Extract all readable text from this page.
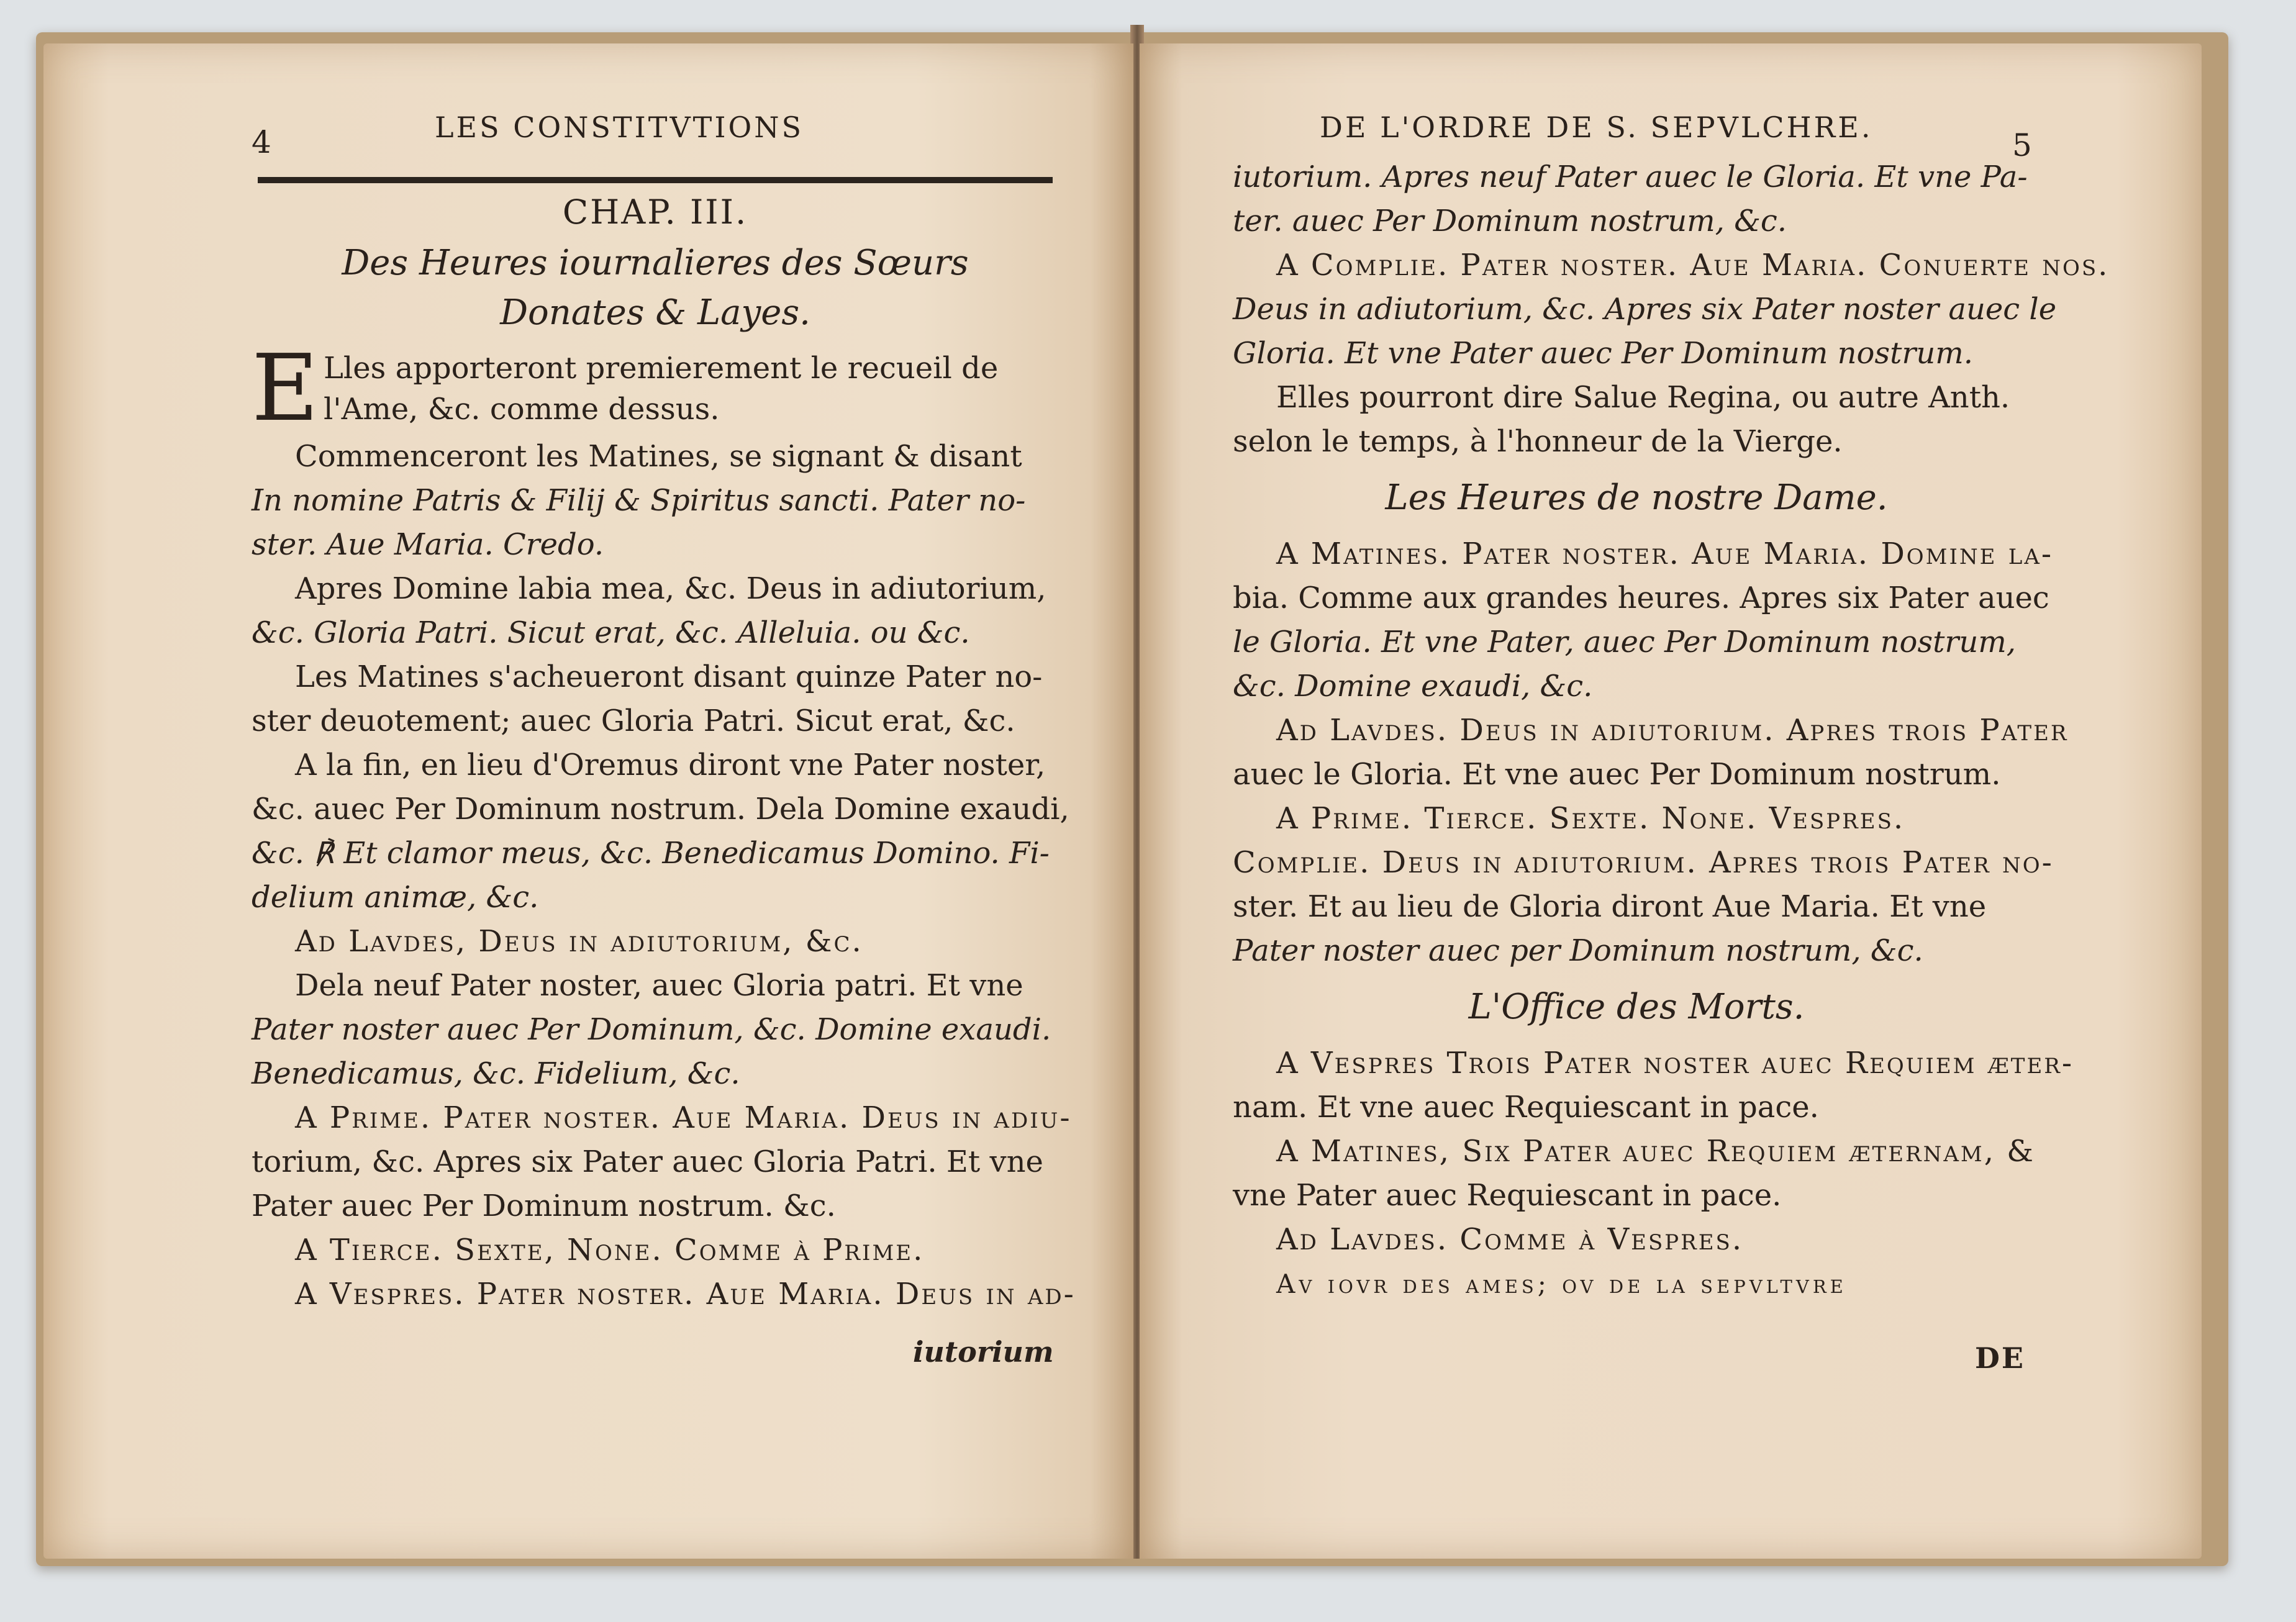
4	LES CONSTITVTIONS
CHAP. III.
Des Heures iournalieres des Sœurs
Donates & Layes.
E Lles apporteront premierement le recueil de
l'Ame, &c. comme dessus.
Commenceront les Matines, se signant & disant
In nomine Patris & Filij & Spiritus sancti. Pater no-
ster. Aue Maria. Credo.
Apres Domine labia mea, &c. Deus in adiutorium,
&c. Gloria Patri. Sicut erat, &c. Alleluia. ou &c.
Les Matines s'acheueront disant quinze Pater no-
ster deuotement; auec Gloria Patri. Sicut erat, &c.
A la fin, en lieu d'Oremus diront vne Pater noster,
&c. auec Per Dominum nostrum. Dela Domine exaudi,
&c. ℟ Et clamor meus, &c. Benedicamus Domino. Fi-
delium animæ, &c.
Ad Lavdes, Deus in adiutorium, &c.
Dela neuf Pater noster, auec Gloria patri. Et vne
Pater noster auec Per Dominum, &c. Domine exaudi.
Benedicamus, &c. Fidelium, &c.
A Prime. Pater noster. Aue Maria. Deus in adiu-
torium, &c. Apres six Pater auec Gloria Patri. Et vne
Pater auec Per Dominum nostrum. &c.
A Tierce. Sexte, None. Comme à Prime.
A Vespres. Pater noster. Aue Maria. Deus in ad-
iutorium
DE L'ORDRE DE S. SEPVLCHRE.	5
iutorium. Apres neuf Pater auec le Gloria. Et vne Pa-
ter. auec Per Dominum nostrum, &c.
A Complie. Pater noster. Aue Maria. Conuerte nos.
Deus in adiutorium, &c. Apres six Pater noster auec le
Gloria. Et vne Pater auec Per Dominum nostrum.
Elles pourront dire Salue Regina, ou autre Anth.
selon le temps, à l'honneur de la Vierge.
Les Heures de nostre Dame.
A Matines. Pater noster. Aue Maria. Domine la-
bia. Comme aux grandes heures. Apres six Pater auec
le Gloria. Et vne Pater, auec Per Dominum nostrum,
&c. Domine exaudi, &c.
Ad Lavdes. Deus in adiutorium. Apres trois Pater
auec le Gloria. Et vne auec Per Dominum nostrum.
A Prime. Tierce. Sexte. None. Vespres.
Complie. Deus in adiutorium. Apres trois Pater no-
ster. Et au lieu de Gloria diront Aue Maria. Et vne
Pater noster auec per Dominum nostrum, &c.
L'Office des Morts.
A Vespres Trois Pater noster auec Requiem æter-
nam. Et vne auec Requiescant in pace.
A Matines, Six Pater auec Requiem æternam, &
vne Pater auec Requiescant in pace.
Ad Lavdes. Comme à Vespres.
Av iovr des ames; ov de la sepvltvre
DE
